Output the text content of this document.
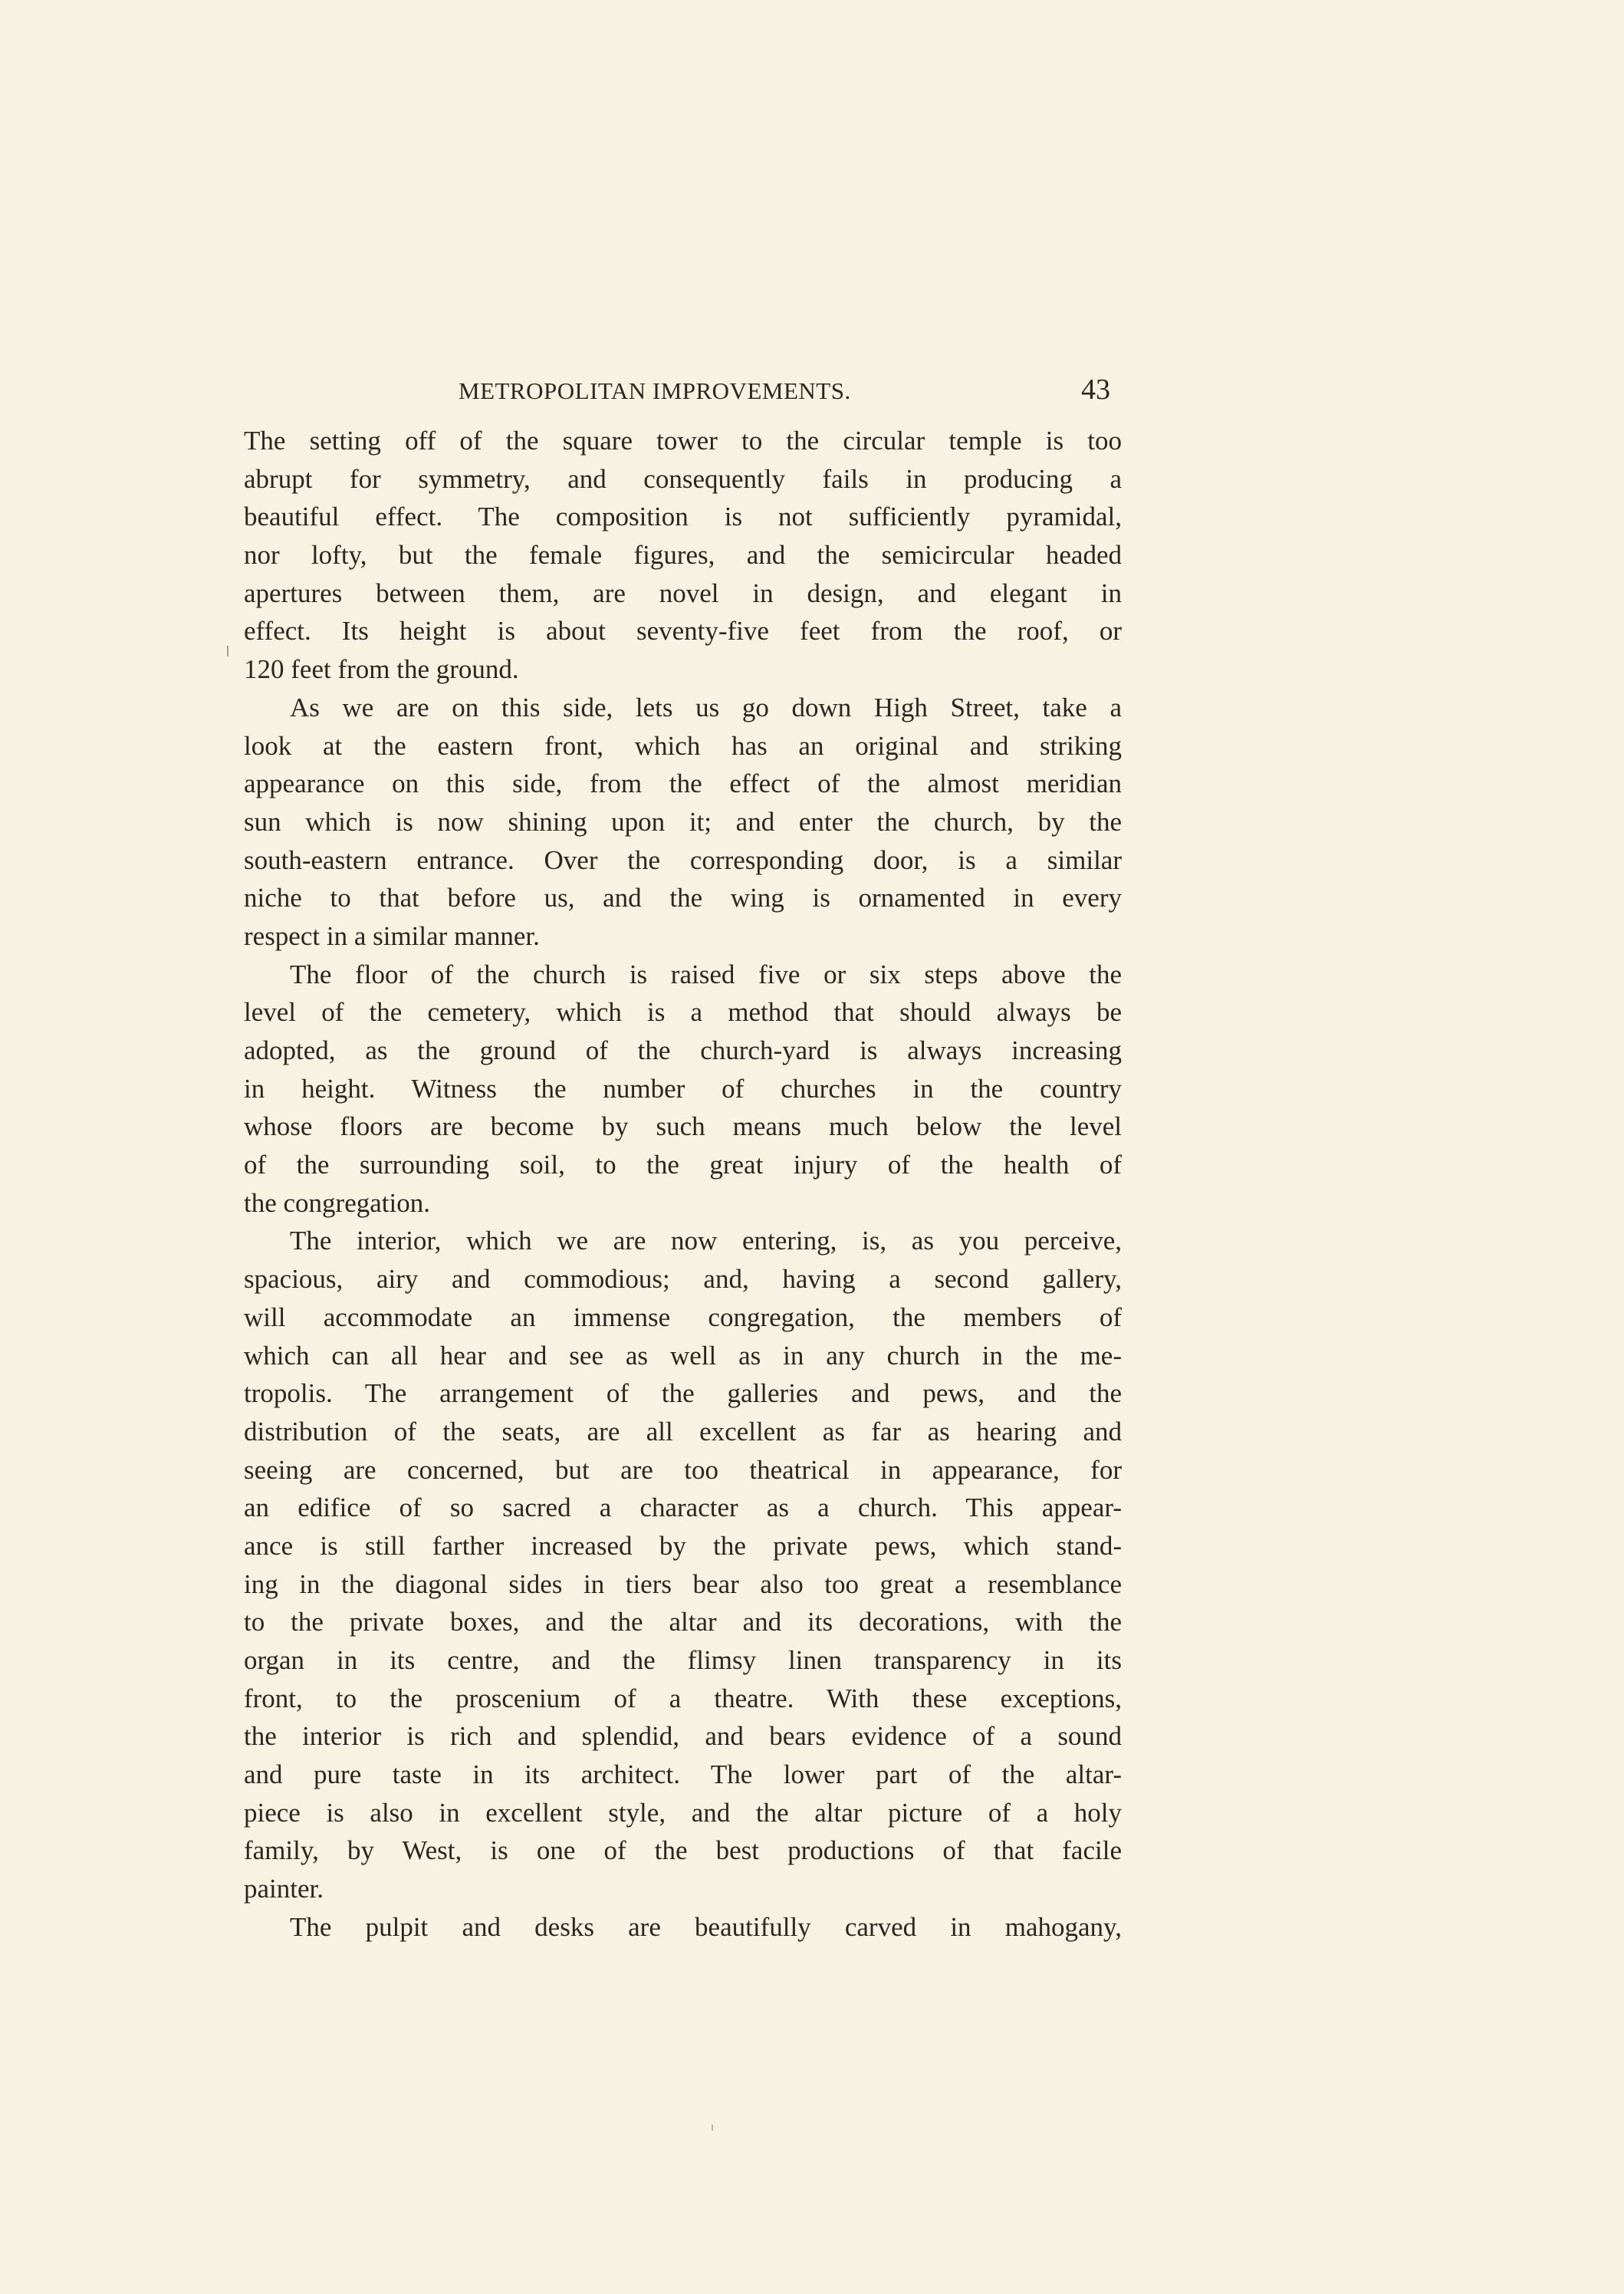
METROPOLITAN IMPROVEMENTS.	43
The setting off of the square tower to the circular temple is too
abrupt for symmetry, and consequently fails in producing a
beautiful effect. The composition is not sufficiently pyramidal,
nor lofty, but the female figures, and the semicircular headed
apertures between them, are novel in design, and elegant in
effect. Its height is about seventy-five feet from the roof, or
120 feet from the ground.
As we are on this side, lets us go down High Street, take a
look at the eastern front, which has an original and striking
appearance on this side, from the effect of the almost meridian
sun which is now shining upon it; and enter the church, by the
south-eastern entrance. Over the corresponding door, is a similar
niche to that before us, and the wing is ornamented in every
respect in a similar manner.
The floor of the church is raised five or six steps above the
level of the cemetery, which is a method that should always be
adopted, as the ground of the church-yard is always increasing
in height. Witness the number of churches in the country
whose floors are become by such means much below the level
of the surrounding soil, to the great injury of the health of
the congregation.
The interior, which we are now entering, is, as you perceive,
spacious, airy and commodious; and, having a second gallery,
will accommodate an immense congregation, the members of
which can all hear and see as well as in any church in the me-
tropolis. The arrangement of the galleries and pews, and the
distribution of the seats, are all excellent as far as hearing and
seeing are concerned, but are too theatrical in appearance, for
an edifice of so sacred a character as a church. This appear-
ance is still farther increased by the private pews, which stand-
ing in the diagonal sides in tiers bear also too great a resemblance
to the private boxes, and the altar and its decorations, with the
organ in its centre, and the flimsy linen transparency in its
front, to the proscenium of a theatre. With these exceptions,
the interior is rich and splendid, and bears evidence of a sound
and pure taste in its architect. The lower part of the altar-
piece is also in excellent style, and the altar picture of a holy
family, by West, is one of the best productions of that facile
painter.
The pulpit and desks are beautifully carved in mahogany,
